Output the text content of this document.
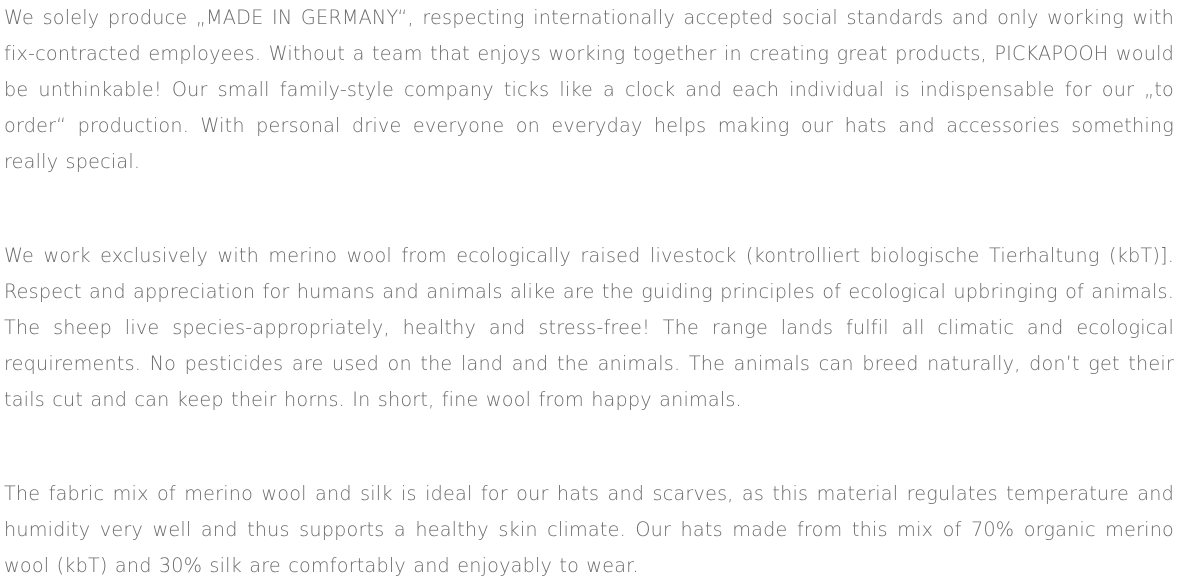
We solely produce „MADE IN GERMANY“, respecting internationally accepted social standards and only working with fix-contracted employees. Without a team that enjoys working together in creating great products, PICKAPOOH would be unthinkable! Our small family-style company ticks like a clock and each individual is indispensable for our „to order“ production. With personal drive everyone on everyday helps making our hats and accessories something really special.

We work exclusively with merino wool from ecologically raised livestock (kontrolliert biologische Tierhaltung (kbT)]. Respect and appreciation for humans and animals alike are the guiding principles of ecological upbringing of animals. The sheep live species-appropriately, healthy and stress-free! The range lands fulfil all climatic and ecological requirements. No pesticides are used on the land and the animals. The animals can breed naturally, don’t get their tails cut and can keep their horns. In short, fine wool from happy animals.

The fabric mix of merino wool and silk is ideal for our hats and scarves, as this material regulates temperature and humidity very well and thus supports a healthy skin climate. Our hats made from this mix of 70% organic merino wool (kbT) and 30% silk are comfortably and enjoyably to wear.
